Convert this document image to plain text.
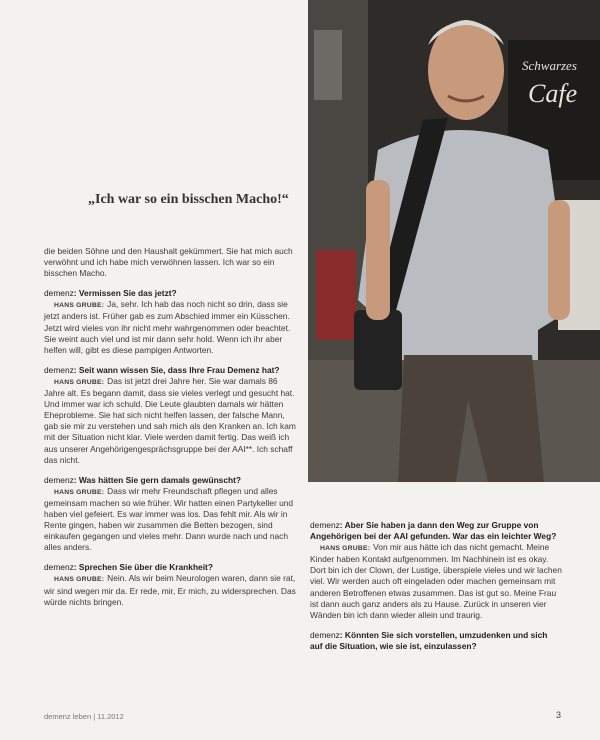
„Ich war so ein bisschen Macho!“
Schwarzes
Cafe

die beiden Söhne und den Haushalt gekümmert. Sie hat mich auch verwöhnt und ich habe mich verwöhnen lassen. Ich war so ein bisschen Macho.

demenz: Vermissen Sie das jetzt?
HANS GRUBE: Ja, sehr. Ich hab das noch nicht so drin, dass sie jetzt anders ist. Früher gab es zum Abschied immer ein Küsschen. Jetzt wird vieles von ihr nicht mehr wahrgenommen oder beachtet. Sie weint auch viel und ist mir dann sehr hold. Wenn ich ihr aber helfen will, gibt es diese pampigen Antworten.

demenz: Seit wann wissen Sie, dass Ihre Frau Demenz hat?
HANS GRUBE: Das ist jetzt drei Jahre her. Sie war damals 86 Jahre alt. Es begann damit, dass sie vieles verlegt und gesucht hat. Und immer war ich schuld. Die Leute glaubten damals wir hätten Eheprobleme. Sie hat sich nicht helfen lassen, der falsche Mann, gab sie mir zu verstehen und sah mich als den Kranken an. Ich kam mit der Situation nicht klar. Viele werden damit fertig. Das weiß ich aus unserer Angehörigengesprächsgruppe bei der AAI**. Ich schaff das nicht.

demenz: Was hätten Sie gern damals gewünscht?
HANS GRUBE: Dass wir mehr Freundschaft pflegen und alles gemeinsam machen so wie früher. Wir hatten einen Partykeller und haben viel gefeiert. Es war immer was los. Das fehlt mir. Als wir in Rente gingen, haben wir zusammen die Betten bezogen, sind einkaufen gegangen und vieles mehr. Dann wurde nach und nach alles anders.

demenz: Sprechen Sie über die Krankheit?
HANS GRUBE: Nein. Als wir beim Neurologen waren, dann sie rat, wir sind wegen mir da. Er rede, mir, Er mich, zu widersprechen. Das würde nichts bringen.

demenz: Aber Sie haben ja dann den Weg zur Gruppe von Angehörigen bei der AAI gefunden. War das ein leichter Weg?
HANS GRUBE: Von mir aus hätte ich das nicht gemacht. Meine Kinder haben Kontakt aufgenommen. Im Nachhinein ist es okay. Dort bin ich der Clown, der Lustige, überspiele vieles und wir lachen viel. Wir werden auch oft eingeladen oder machen gemeinsam mit anderen Betroffenen etwas zusammen. Das ist gut so. Meine Frau ist dann auch ganz anders als zu Hause. Zurück in unseren vier Wänden bin ich dann wieder allein und traurig.

demenz: Könnten Sie sich vorstellen, umzudenken und sich auf die Situation, wie sie ist, einzulassen?

demenz leben | 11.2012	3
